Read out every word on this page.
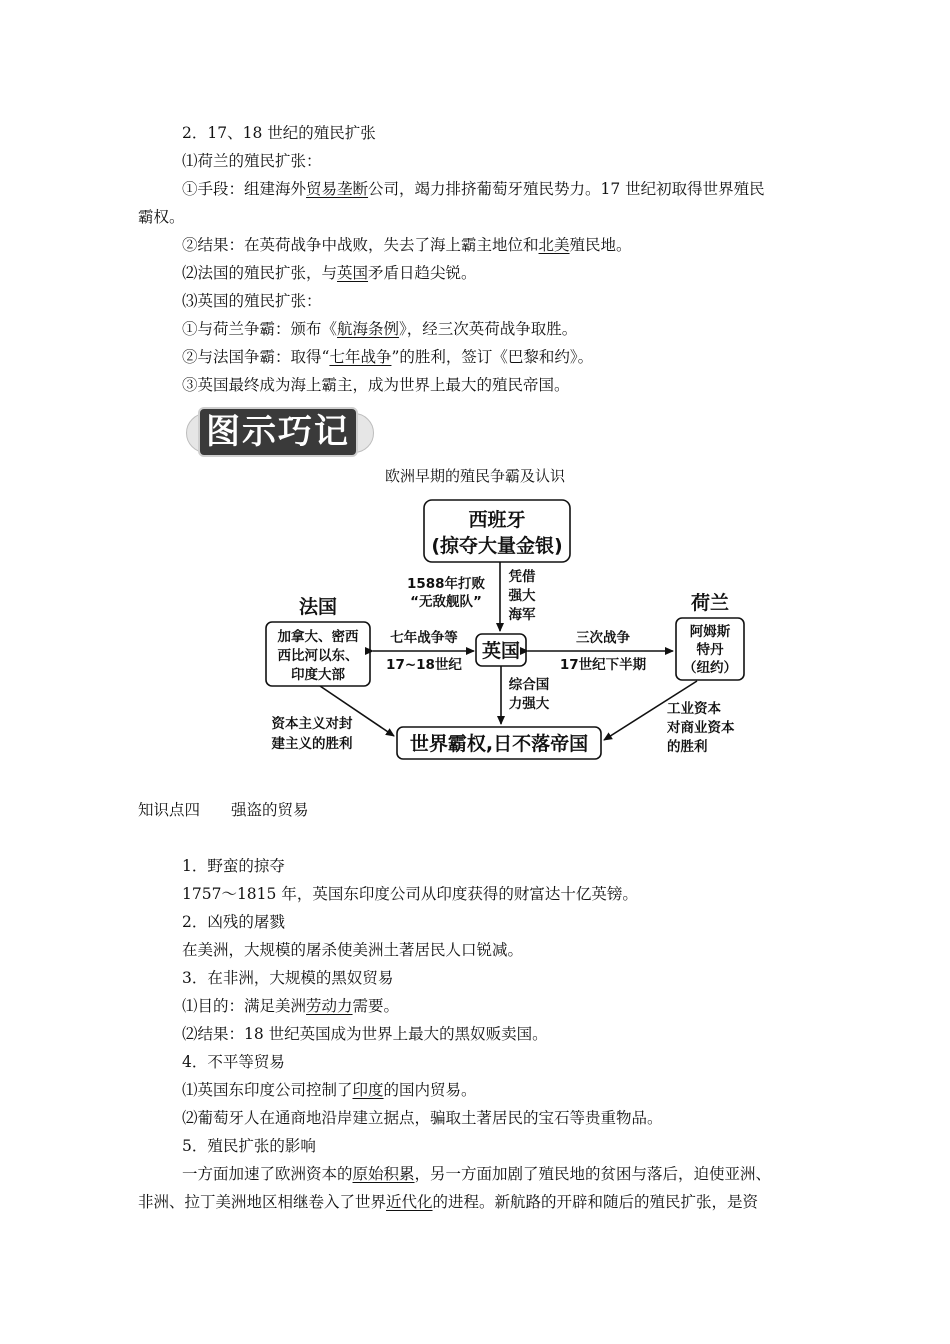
2．17、18 世纪的殖民扩张
⑴荷兰的殖民扩张：
①手段：组建海外贸易垄断公司，竭力排挤葡萄牙殖民势力。17 世纪初取得世界殖民
霸权。
②结果：在英荷战争中战败，失去了海上霸主地位和北美殖民地。
⑵法国的殖民扩张，与英国矛盾日趋尖锐。
⑶英国的殖民扩张：
①与荷兰争霸：颁布《航海条例》，经三次英荷战争取胜。
②与法国争霸：取得“七年战争”的胜利，签订《巴黎和约》。
③英国最终成为海上霸主，成为世界上最大的殖民帝国。
图示巧记
欧洲早期的殖民争霸及认识
西班牙
(掠夺大量金银)
1588年打败
“无敌舰队”
凭借
强大
海军
法国
加拿大、密西
西比河以东、
印度大部
七年战争等
17~18世纪
英国
三次战争
17世纪下半期
荷兰
阿姆斯
特丹
（纽约）
综合国
力强大
资本主义对封
建主义的胜利
工业资本
对商业资本
的胜利
世界霸权,日不落帝国
知识点四　　强盗的贸易
1．野蛮的掠夺
1757～1815 年，英国东印度公司从印度获得的财富达十亿英镑。
2．凶残的屠戮
在美洲，大规模的屠杀使美洲土著居民人口锐减。
3．在非洲，大规模的黑奴贸易
⑴目的：满足美洲劳动力需要。
⑵结果：18 世纪英国成为世界上最大的黑奴贩卖国。
4．不平等贸易
⑴英国东印度公司控制了印度的国内贸易。
⑵葡萄牙人在通商地沿岸建立据点，骗取土著居民的宝石等贵重物品。
5．殖民扩张的影响
一方面加速了欧洲资本的原始积累，另一方面加剧了殖民地的贫困与落后，迫使亚洲、
非洲、拉丁美洲地区相继卷入了世界近代化的进程。新航路的开辟和随后的殖民扩张，是资
